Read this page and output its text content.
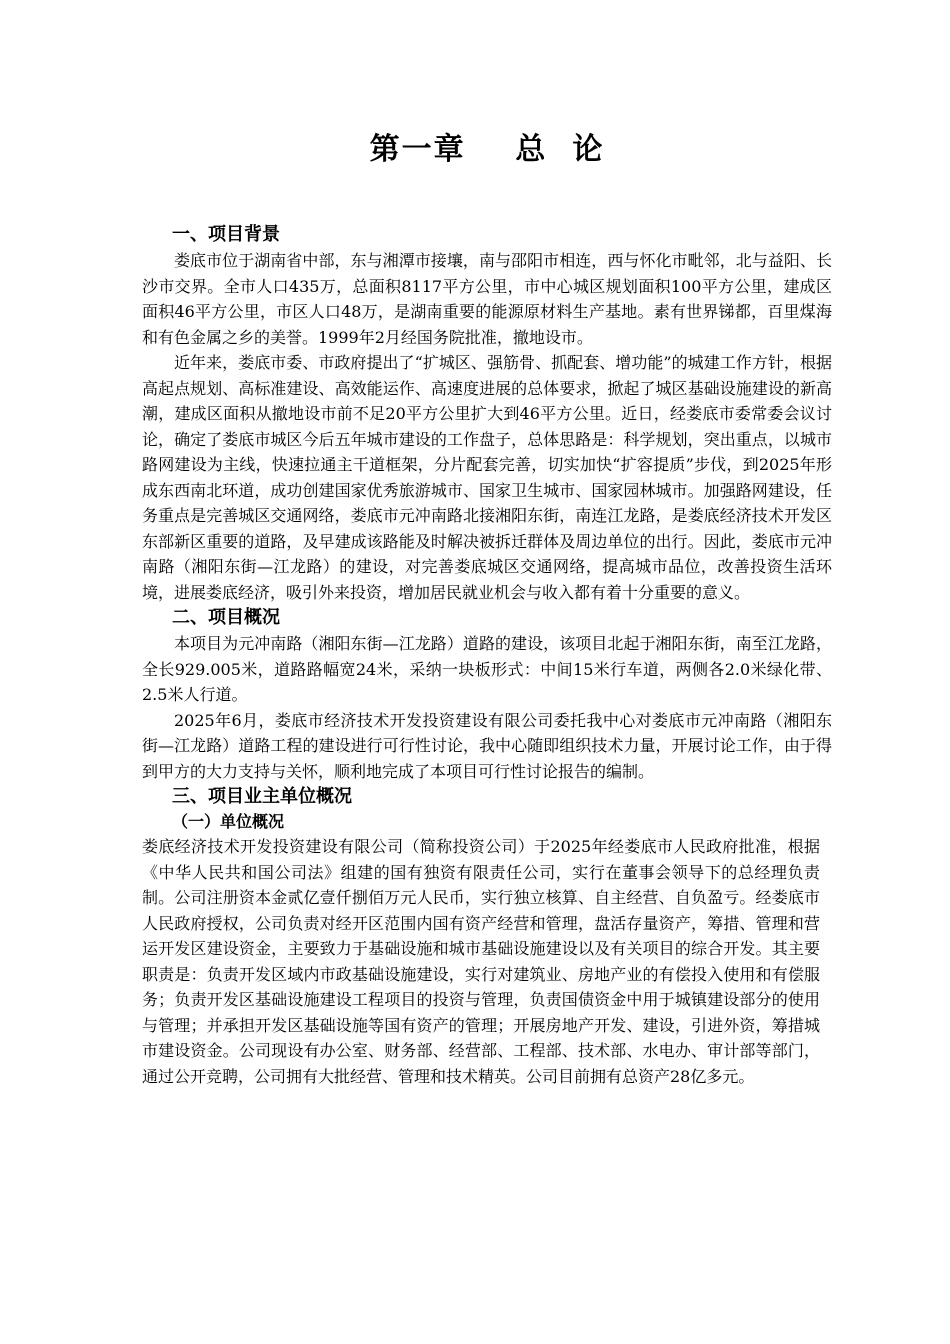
第一章    总  论
一、项目背景

娄底市位于湖南省中部，东与湘潭市接壤，南与邵阳市相连，西与怀化市毗邻，北与益阳、长沙市交界。全市人口435万，总面积8117平方公里，市中心城区规划面积100平方公里，建成区面积46平方公里，市区人口48万，是湖南重要的能源原材料生产基地。素有世界锑都，百里煤海和有色金属之乡的美誉。1999年2月经国务院批准，撤地设市。

近年来，娄底市委、市政府提出了“扩城区、强筋骨、抓配套、增功能”的城建工作方针，根据高起点规划、高标准建设、高效能运作、高速度进展的总体要求，掀起了城区基础设施建设的新高潮，建成区面积从撤地设市前不足20平方公里扩大到46平方公里。近日，经娄底市委常委会议讨论，确定了娄底市城区今后五年城市建设的工作盘子，总体思路是：科学规划，突出重点，以城市路网建设为主线，快速拉通主干道框架，分片配套完善，切实加快“扩容提质”步伐，到2025年形成东西南北环道，成功创建国家优秀旅游城市、国家卫生城市、国家园林城市。加强路网建设，任务重点是完善城区交通网络，娄底市元冲南路北接湘阳东街，南连江龙路，是娄底经济技术开发区东部新区重要的道路，及早建成该路能及时解决被拆迁群体及周边单位的出行。因此，娄底市元冲南路（湘阳东街—江龙路）的建设，对完善娄底城区交通网络，提高城市品位，改善投资生活环境，进展娄底经济，吸引外来投资，增加居民就业机会与收入都有着十分重要的意义。

二、项目概况

本项目为元冲南路（湘阳东街—江龙路）道路的建设，该项目北起于湘阳东街，南至江龙路，全长929.005米，道路路幅宽24米，采纳一块板形式：中间15米行车道，两侧各2.0米绿化带、2.5米人行道。

2025年6月，娄底市经济技术开发投资建设有限公司委托我中心对娄底市元冲南路（湘阳东街—江龙路）道路工程的建设进行可行性讨论，我中心随即组织技术力量，开展讨论工作，由于得到甲方的大力支持与关怀，顺利地完成了本项目可行性讨论报告的编制。

三、项目业主单位概况
（一）单位概况

娄底经济技术开发投资建设有限公司（简称投资公司）于2025年经娄底市人民政府批准，根据《中华人民共和国公司法》组建的国有独资有限责任公司，实行在董事会领导下的总经理负责制。公司注册资本金贰亿壹仟捌佰万元人民币，实行独立核算、自主经营、自负盈亏。经娄底市人民政府授权，公司负责对经开区范围内国有资产经营和管理，盘活存量资产，筹措、管理和营运开发区建设资金，主要致力于基础设施和城市基础设施建设以及有关项目的综合开发。其主要职责是：负责开发区域内市政基础设施建设，实行对建筑业、房地产业的有偿投入使用和有偿服务；负责开发区基础设施建设工程项目的投资与管理，负责国债资金中用于城镇建设部分的使用与管理；并承担开发区基础设施等国有资产的管理；开展房地产开发、建设，引进外资，筹措城市建设资金。公司现设有办公室、财务部、经营部、工程部、技术部、水电办、审计部等部门，通过公开竞聘，公司拥有大批经营、管理和技术精英。公司目前拥有总资产28亿多元。
